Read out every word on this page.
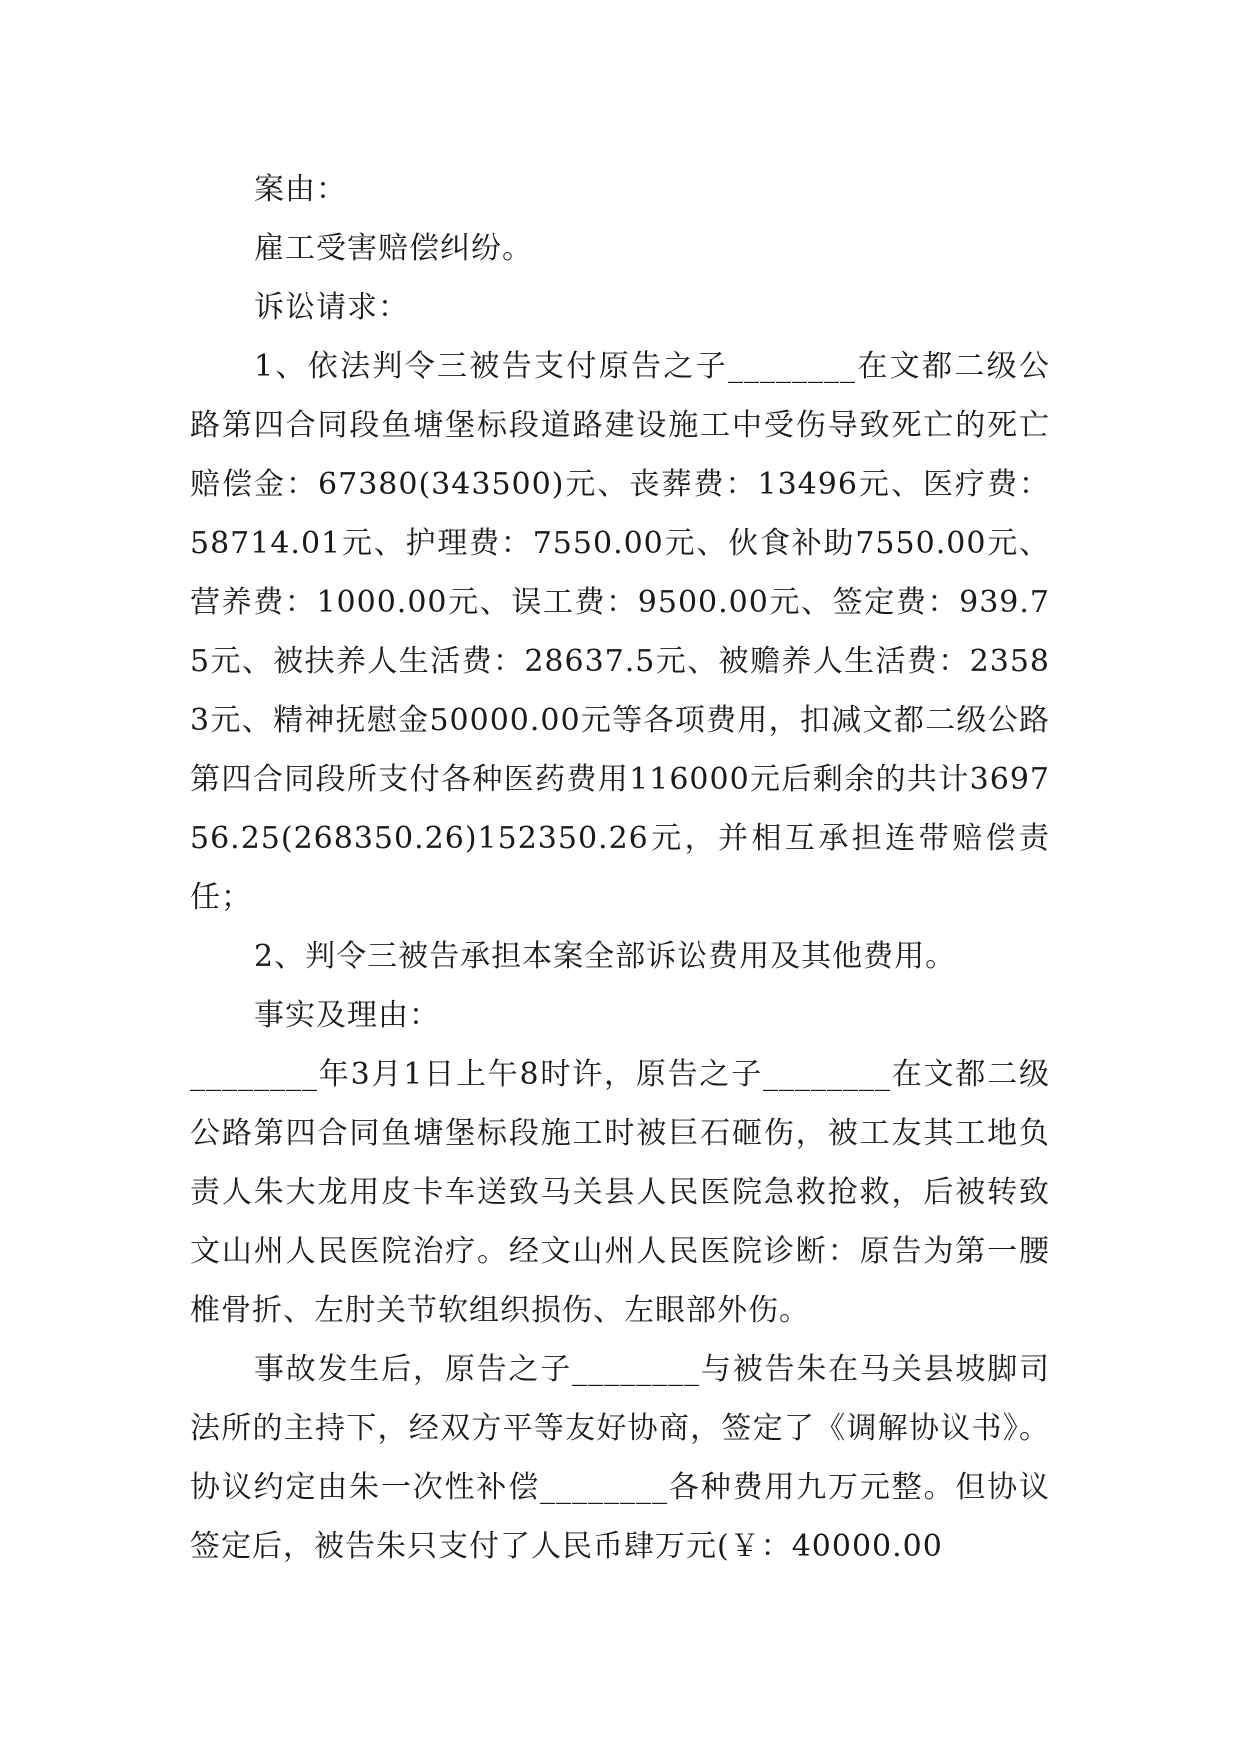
案由：

雇工受害赔偿纠纷。

诉讼请求：

1、依法判令三被告支付原告之子________在文都二级公路第四合同段鱼塘堡标段道路建设施工中受伤导致死亡的死亡赔偿金：67380(343500)元、丧葬费：13496元、医疗费：58714.01元、护理费：7550.00元、伙食补助7550.00元、营养费：1000.00元、误工费：9500.00元、签定费：939.75元、被扶养人生活费：28637.5元、被赡养人生活费：23583元、精神抚慰金50000.00元等各项费用，扣减文都二级公路第四合同段所支付各种医药费用116000元后剩余的共计369756.25(268350.26)152350.26元，并相互承担连带赔偿责任；

2、判令三被告承担本案全部诉讼费用及其他费用。

事实及理由：

________年3月1日上午8时许，原告之子________在文都二级公路第四合同鱼塘堡标段施工时被巨石砸伤，被工友其工地负责人朱大龙用皮卡车送致马关县人民医院急救抢救，后被转致文山州人民医院治疗。经文山州人民医院诊断：原告为第一腰椎骨折、左肘关节软组织损伤、左眼部外伤。

事故发生后，原告之子________与被告朱在马关县坡脚司法所的主持下，经双方平等友好协商，签定了《调解协议书》。协议约定由朱一次性补偿________各种费用九万元整。但协议签定后，被告朱只支付了人民币肆万元(￥：40000.00
